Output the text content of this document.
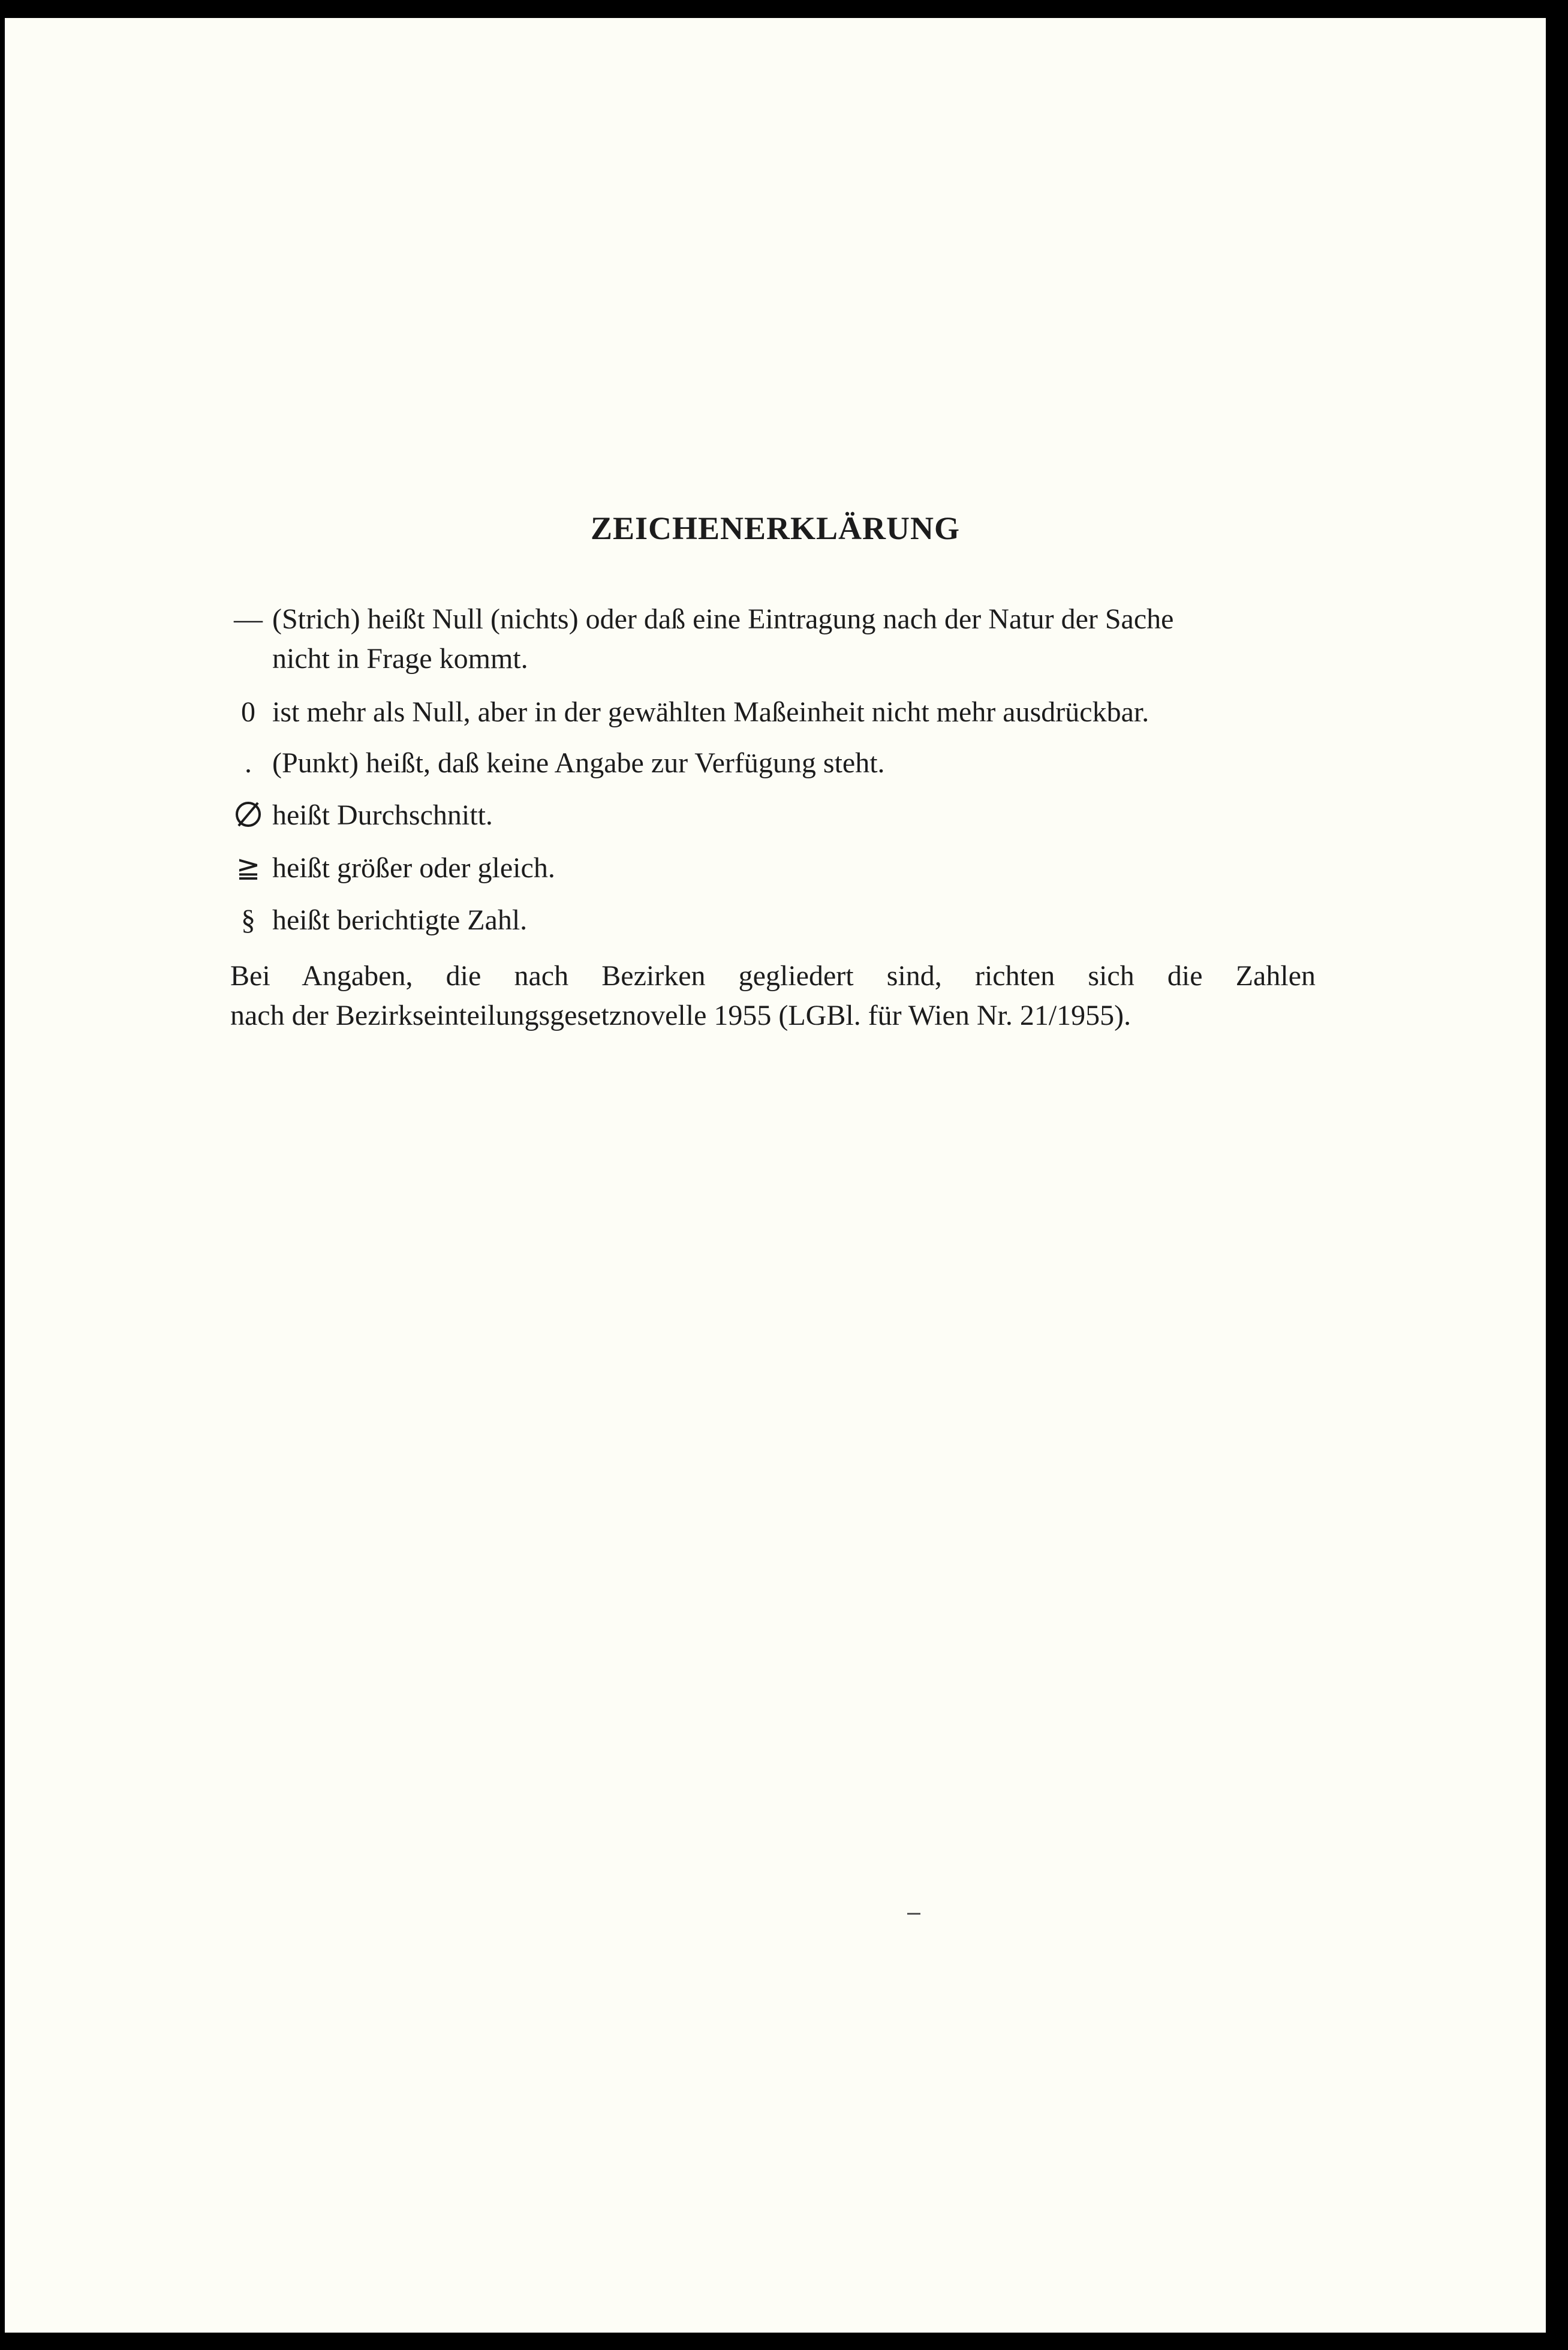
ZEICHENERKLÄRUNG
— (Strich) heißt Null (nichts) oder daß eine Eintragung nach der Natur der Sache
nicht in Frage kommt.
0 ist mehr als Null, aber in der gewählten Maßeinheit nicht mehr ausdrückbar.
. (Punkt) heißt, daß keine Angabe zur Verfügung steht.
heißt Durchschnitt.
≧ heißt größer oder gleich.
§ heißt berichtigte Zahl.
Bei Angaben, die nach Bezirken gegliedert sind, richten sich die Zahlen
nach der Bezirkseinteilungsgesetznovelle 1955 (LGBl. für Wien Nr. 21/1955).
